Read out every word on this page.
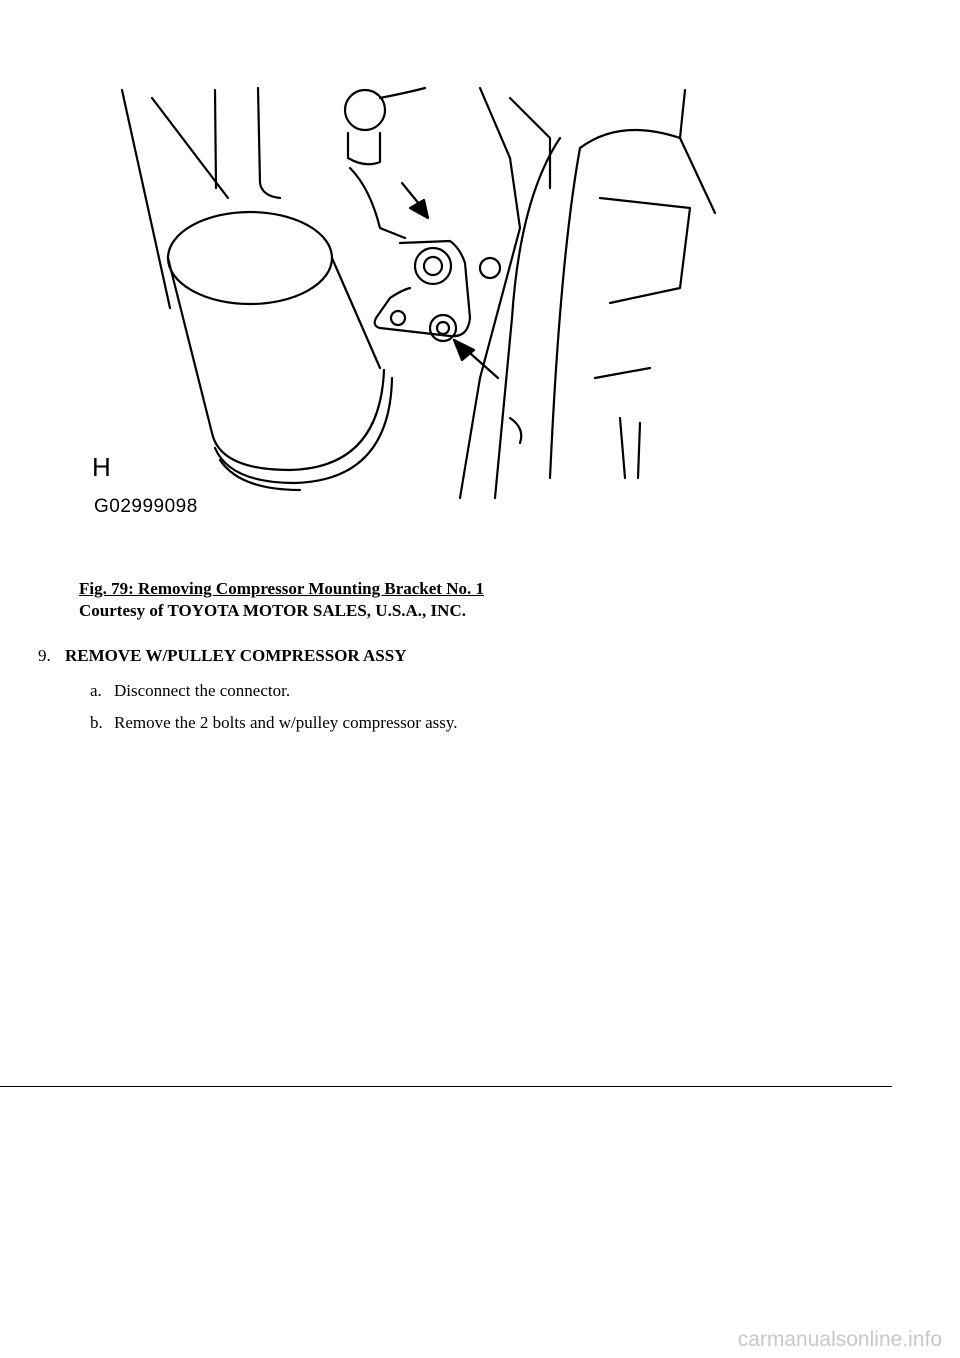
H
G02999098
Fig. 79: Removing Compressor Mounting Bracket No. 1
Courtesy of TOYOTA MOTOR SALES, U.S.A., INC.
9. REMOVE W/PULLEY COMPRESSOR ASSY
a. Disconnect the connector.
b. Remove the 2 bolts and w/pulley compressor assy.
carmanualsonline.info
